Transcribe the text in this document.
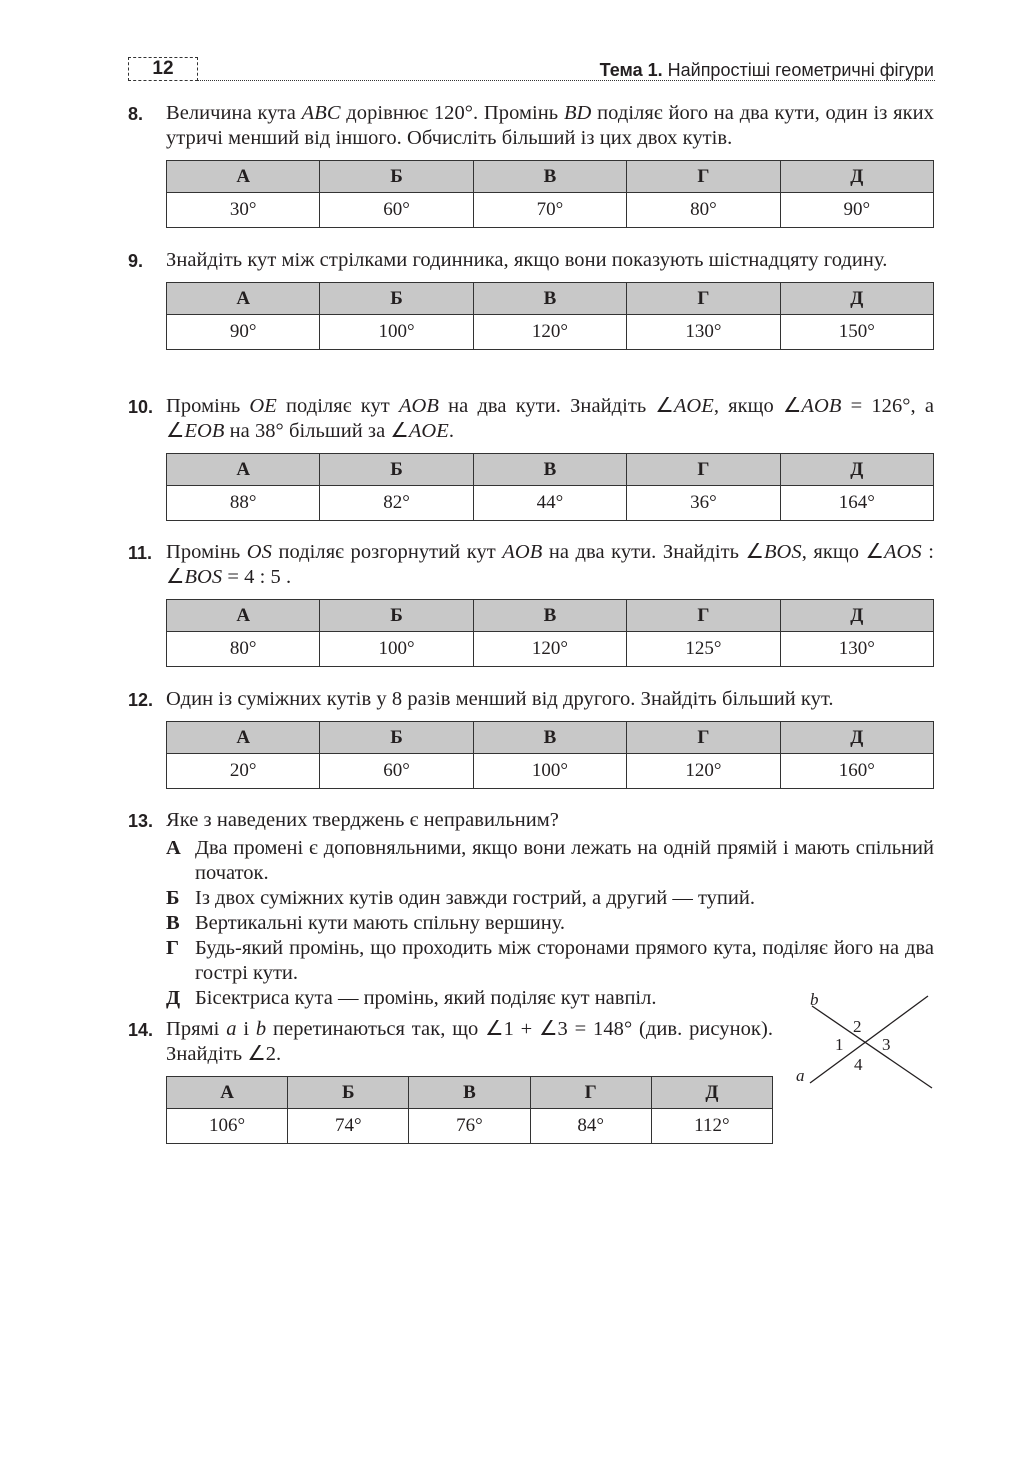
12	Тема 1. Найпростіші геометричні фігури
8. Величина кута ABC дорівнює 120°. Промінь BD поділяє його на два кути, один із яких утричі менший від іншого. Обчисліть більший із цих двох кутів.
А	Б	В	Г	Д
30°	60°	70°	80°	90°
9. Знайдіть кут між стрілками годинника, якщо вони показують шістнадцяту годину.
А	Б	В	Г	Д
90°	100°	120°	130°	150°
10. Промінь OE поділяє кут AOB на два кути. Знайдіть ∠AOE, якщо ∠AOB = 126°, а ∠EOB на 38° більший за ∠AOE.
А	Б	В	Г	Д
88°	82°	44°	36°	164°
11. Промінь OS поділяє розгорнутий кут AOB на два кути. Знайдіть ∠BOS, якщо ∠AOS : ∠BOS = 4 : 5 .
А	Б	В	Г	Д
80°	100°	120°	125°	130°
12. Один із суміжних кутів у 8 разів менший від другого. Знайдіть більший кут.
А	Б	В	Г	Д
20°	60°	100°	120°	160°
13. Яке з наведених тверджень є неправильним?
А Два промені є доповняльними, якщо вони лежать на одній прямій і мають спільний початок.
Б Із двох суміжних кутів один завжди гострий, а другий — тупий.
В Вертикальні кути мають спільну вершину.
Г Будь-який промінь, що проходить між сторонами прямого кута, поділяє його на два гострі кути.
Д Бісектриса кута — промінь, який поділяє кут навпіл.
14. Прямі a і b перетинаються так, що ∠1 + ∠3 = 148° (див. рисунок). Знайдіть ∠2.
А	Б	В	Г	Д
106°	74°	76°	84°	112°
b
a
1
2
3
4
